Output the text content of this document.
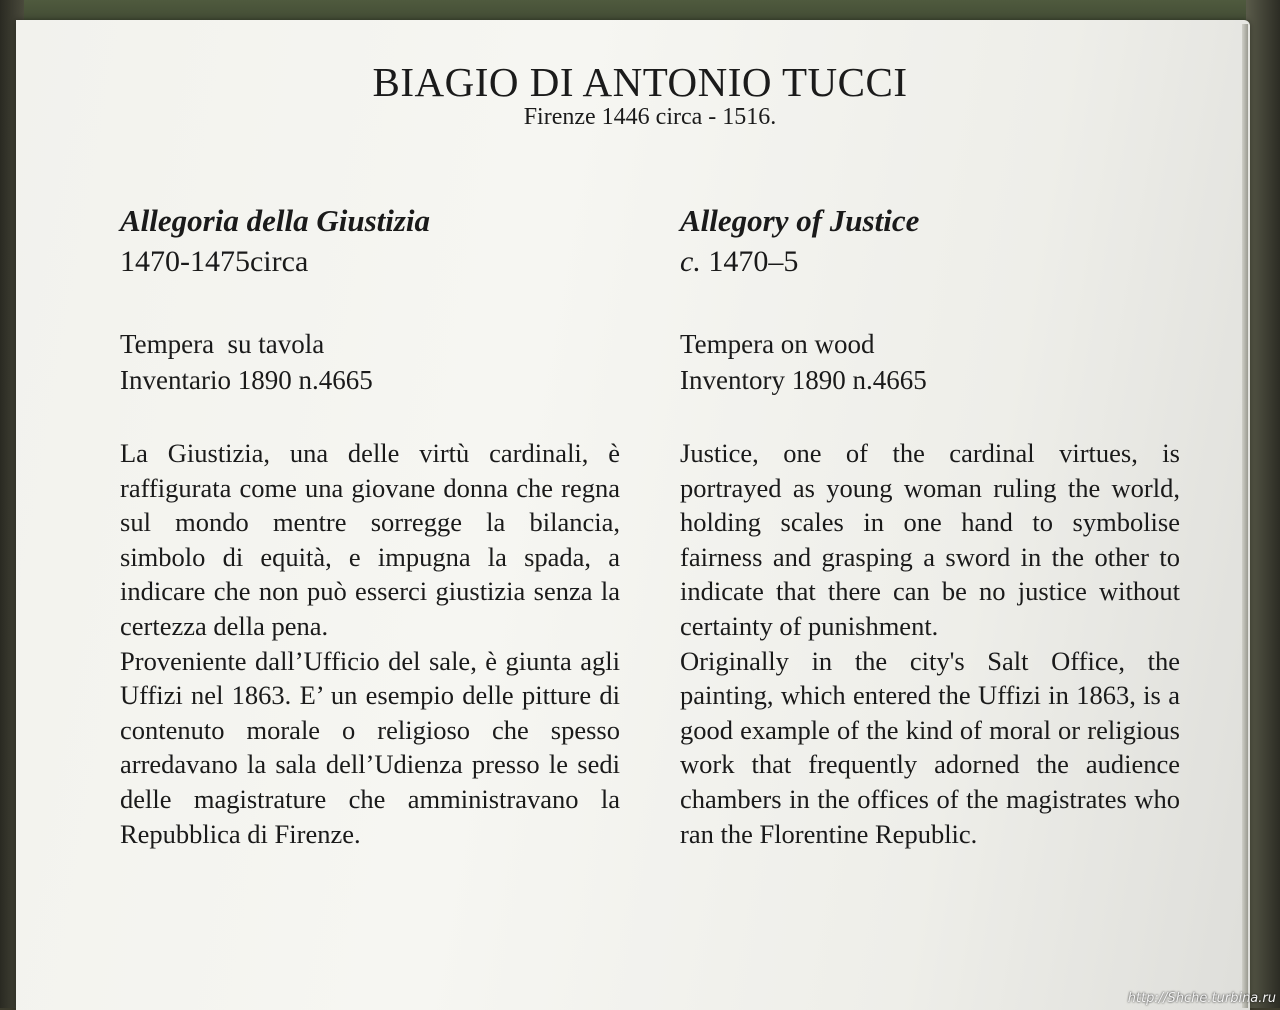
BIAGIO DI ANTONIO TUCCI
Firenze 1446 circa - 1516.
Allegoria della Giustizia
1470-1475circa
Tempera  su tavola
Inventario 1890 n.4665

La Giustizia, una delle virtù cardinali, è raffigurata come una giovane donna che regna sul mondo mentre sorregge la bilancia, simbolo di equità, e impugna la spada, a indicare che non può esserci giustizia senza la certezza della pena.

Proveniente dall’Ufficio del sale, è giunta agli Uffizi nel 1863. E’ un esempio delle pitture di contenuto morale o religioso che spesso arredavano la sala dell’Udienza presso le sedi delle magistrature che amministravano la Repubblica di Firenze.

Allegory of Justice
c. 1470–5
Tempera on wood
Inventory 1890 n.4665

Justice, one of the cardinal virtues, is portrayed as young woman ruling the world, holding scales in one hand to symbolise fairness and grasping a sword in the other to indicate that there can be no justice without certainty of punishment.

Originally in the city's Salt Office, the painting, which entered the Uffizi in 1863, is a good example of the kind of moral or religious work that frequently adorned the audience chambers in the offices of the magistrates who ran the Florentine Republic.

http://Shche.turbina.ru
